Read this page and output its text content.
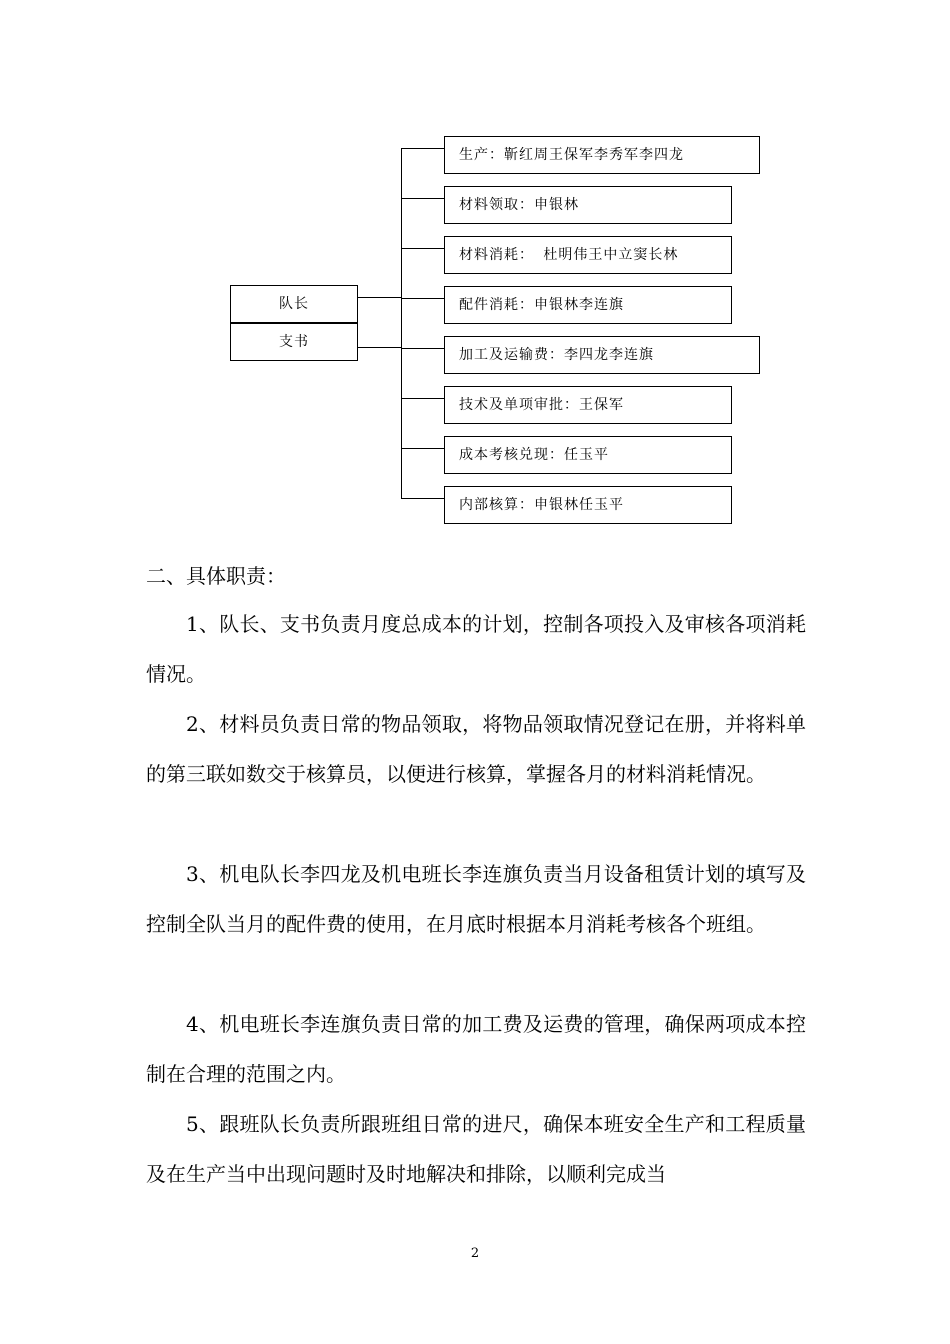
队长
支书
生产：靳红周王保军李秀军李四龙
材料领取：申银林
材料消耗： 杜明伟王中立窦长林
配件消耗：申银林李连旗
加工及运输费：李四龙李连旗
技术及单项审批：王保军
成本考核兑现：任玉平
内部核算：申银林任玉平
二、具体职责：

1、队长、支书负责月度总成本的计划，控制各项投入及审核各项消耗情况。

2、材料员负责日常的物品领取，将物品领取情况登记在册，并将料单的第三联如数交于核算员，以便进行核算，掌握各月的材料消耗情况。

3、机电队长李四龙及机电班长李连旗负责当月设备租赁计划的填写及控制全队当月的配件费的使用，在月底时根据本月消耗考核各个班组。

4、机电班长李连旗负责日常的加工费及运费的管理，确保两项成本控制在合理的范围之内。

5、跟班队长负责所跟班组日常的进尺，确保本班安全生产和工程质量及在生产当中出现问题时及时地解决和排除，以顺利完成当

2
